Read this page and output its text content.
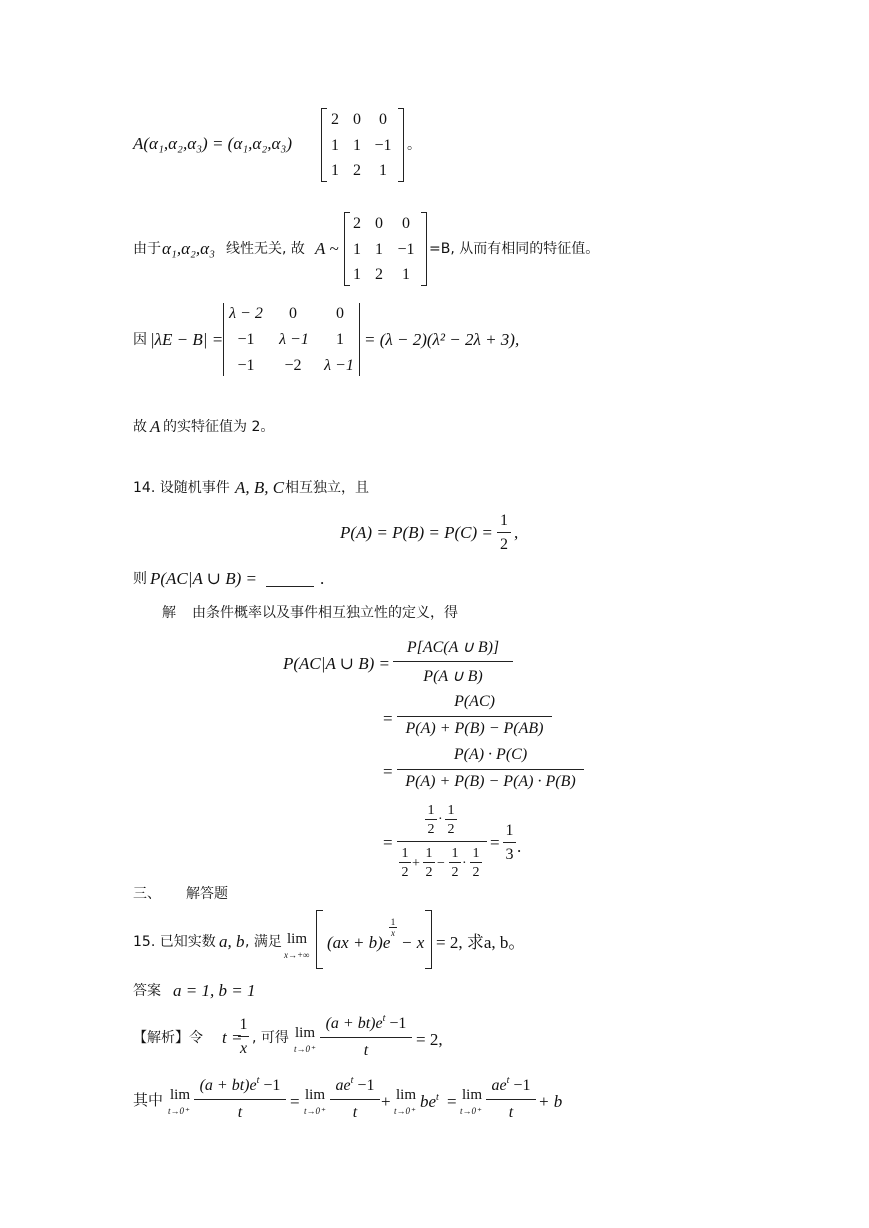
A(α₁,α₂,α₃) = (α₁,α₂,α₃)
2 0	0
1 1 −1
1 2	1
。
由于 α₁,α₂,α₃ 线性无关, 故 A ~
2 0	0
1 1 −1
1 2	1
=B, 从而有相同的特征值。
因 |λE − B| =
λ − 2	0	0
−1	λ −1	1
−1	−2	λ −1
= (λ − 2)(λ² − 2λ + 3),
故 A 的实特征值为 2。
14. 设随机事件 A, B, C 相互独立，且
P(A) = P(B) = P(C) =
1
2
,
则 P(AC|A ∪ B) =	.
解 由条件概率以及事件相互独立性的定义，得
P(AC|A ∪ B) =
P[AC(A ∪ B)]
P(A ∪ B)
=
P(AC)
P(A) + P(B) − P(AB)
=
P(A) · P(C)
P(A) + P(B) − P(A) · P(B)
=
1
2
·
1
2
1
2
+
1
2
−
1
2
·
1
2
=
1
3 .
三、 解答题
15. 已知实数 a, b , 满足 lim
x→+∞
(ax + b)e
1
x − x = 2, 求a, b。
答案 a = 1, b = 1
【解析】令 t =
1
x
, 可得 lim
t→0⁺
$(a + bt)e^t -1$
t
= 2,
其中 lim
t→0⁺
$(a + bt)e^t -1$
t
= lim
t→0⁺
$ae^t -1$
t
+ lim
t→0⁺ $be^t = \lim$
t→0⁺
$ae^t -1$
t
+ b
